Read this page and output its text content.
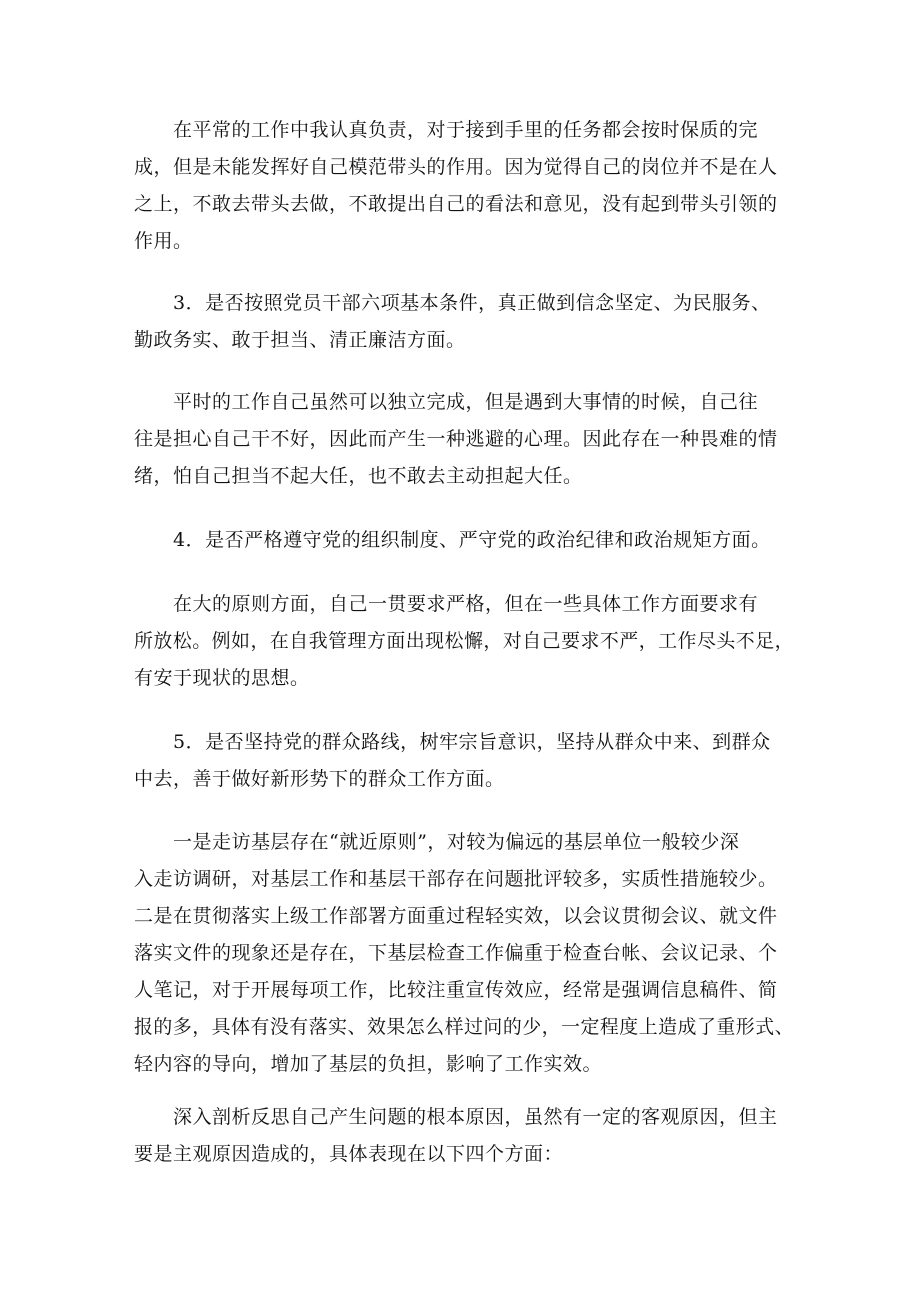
　　在平常的工作中我认真负责，对于接到手里的任务都会按时保质的完
成，但是未能发挥好自己模范带头的作用。因为觉得自己的岗位并不是在人
之上，不敢去带头去做，不敢提出自己的看法和意见，没有起到带头引领的
作用。
　　3．是否按照党员干部六项基本条件，真正做到信念坚定、为民服务、
勤政务实、敢于担当、清正廉洁方面。
　　平时的工作自己虽然可以独立完成，但是遇到大事情的时候，自己往
往是担心自己干不好，因此而产生一种逃避的心理。因此存在一种畏难的情
绪，怕自己担当不起大任，也不敢去主动担起大任。
　　4．是否严格遵守党的组织制度、严守党的政治纪律和政治规矩方面。
　　在大的原则方面，自己一贯要求严格，但在一些具体工作方面要求有
所放松。例如，在自我管理方面出现松懈，对自己要求不严，工作尽头不足，
有安于现状的思想。
　　5．是否坚持党的群众路线，树牢宗旨意识，坚持从群众中来、到群众
中去，善于做好新形势下的群众工作方面。
　　一是走访基层存在“就近原则”，对较为偏远的基层单位一般较少深
入走访调研，对基层工作和基层干部存在问题批评较多，实质性措施较少。
二是在贯彻落实上级工作部署方面重过程轻实效，以会议贯彻会议、就文件
落实文件的现象还是存在，下基层检查工作偏重于检查台帐、会议记录、个
人笔记，对于开展每项工作，比较注重宣传效应，经常是强调信息稿件、简
报的多，具体有没有落实、效果怎么样过问的少，一定程度上造成了重形式、
轻内容的导向，增加了基层的负担，影响了工作实效。
　　深入剖析反思自己产生问题的根本原因，虽然有一定的客观原因，但主
要是主观原因造成的，具体表现在以下四个方面：
